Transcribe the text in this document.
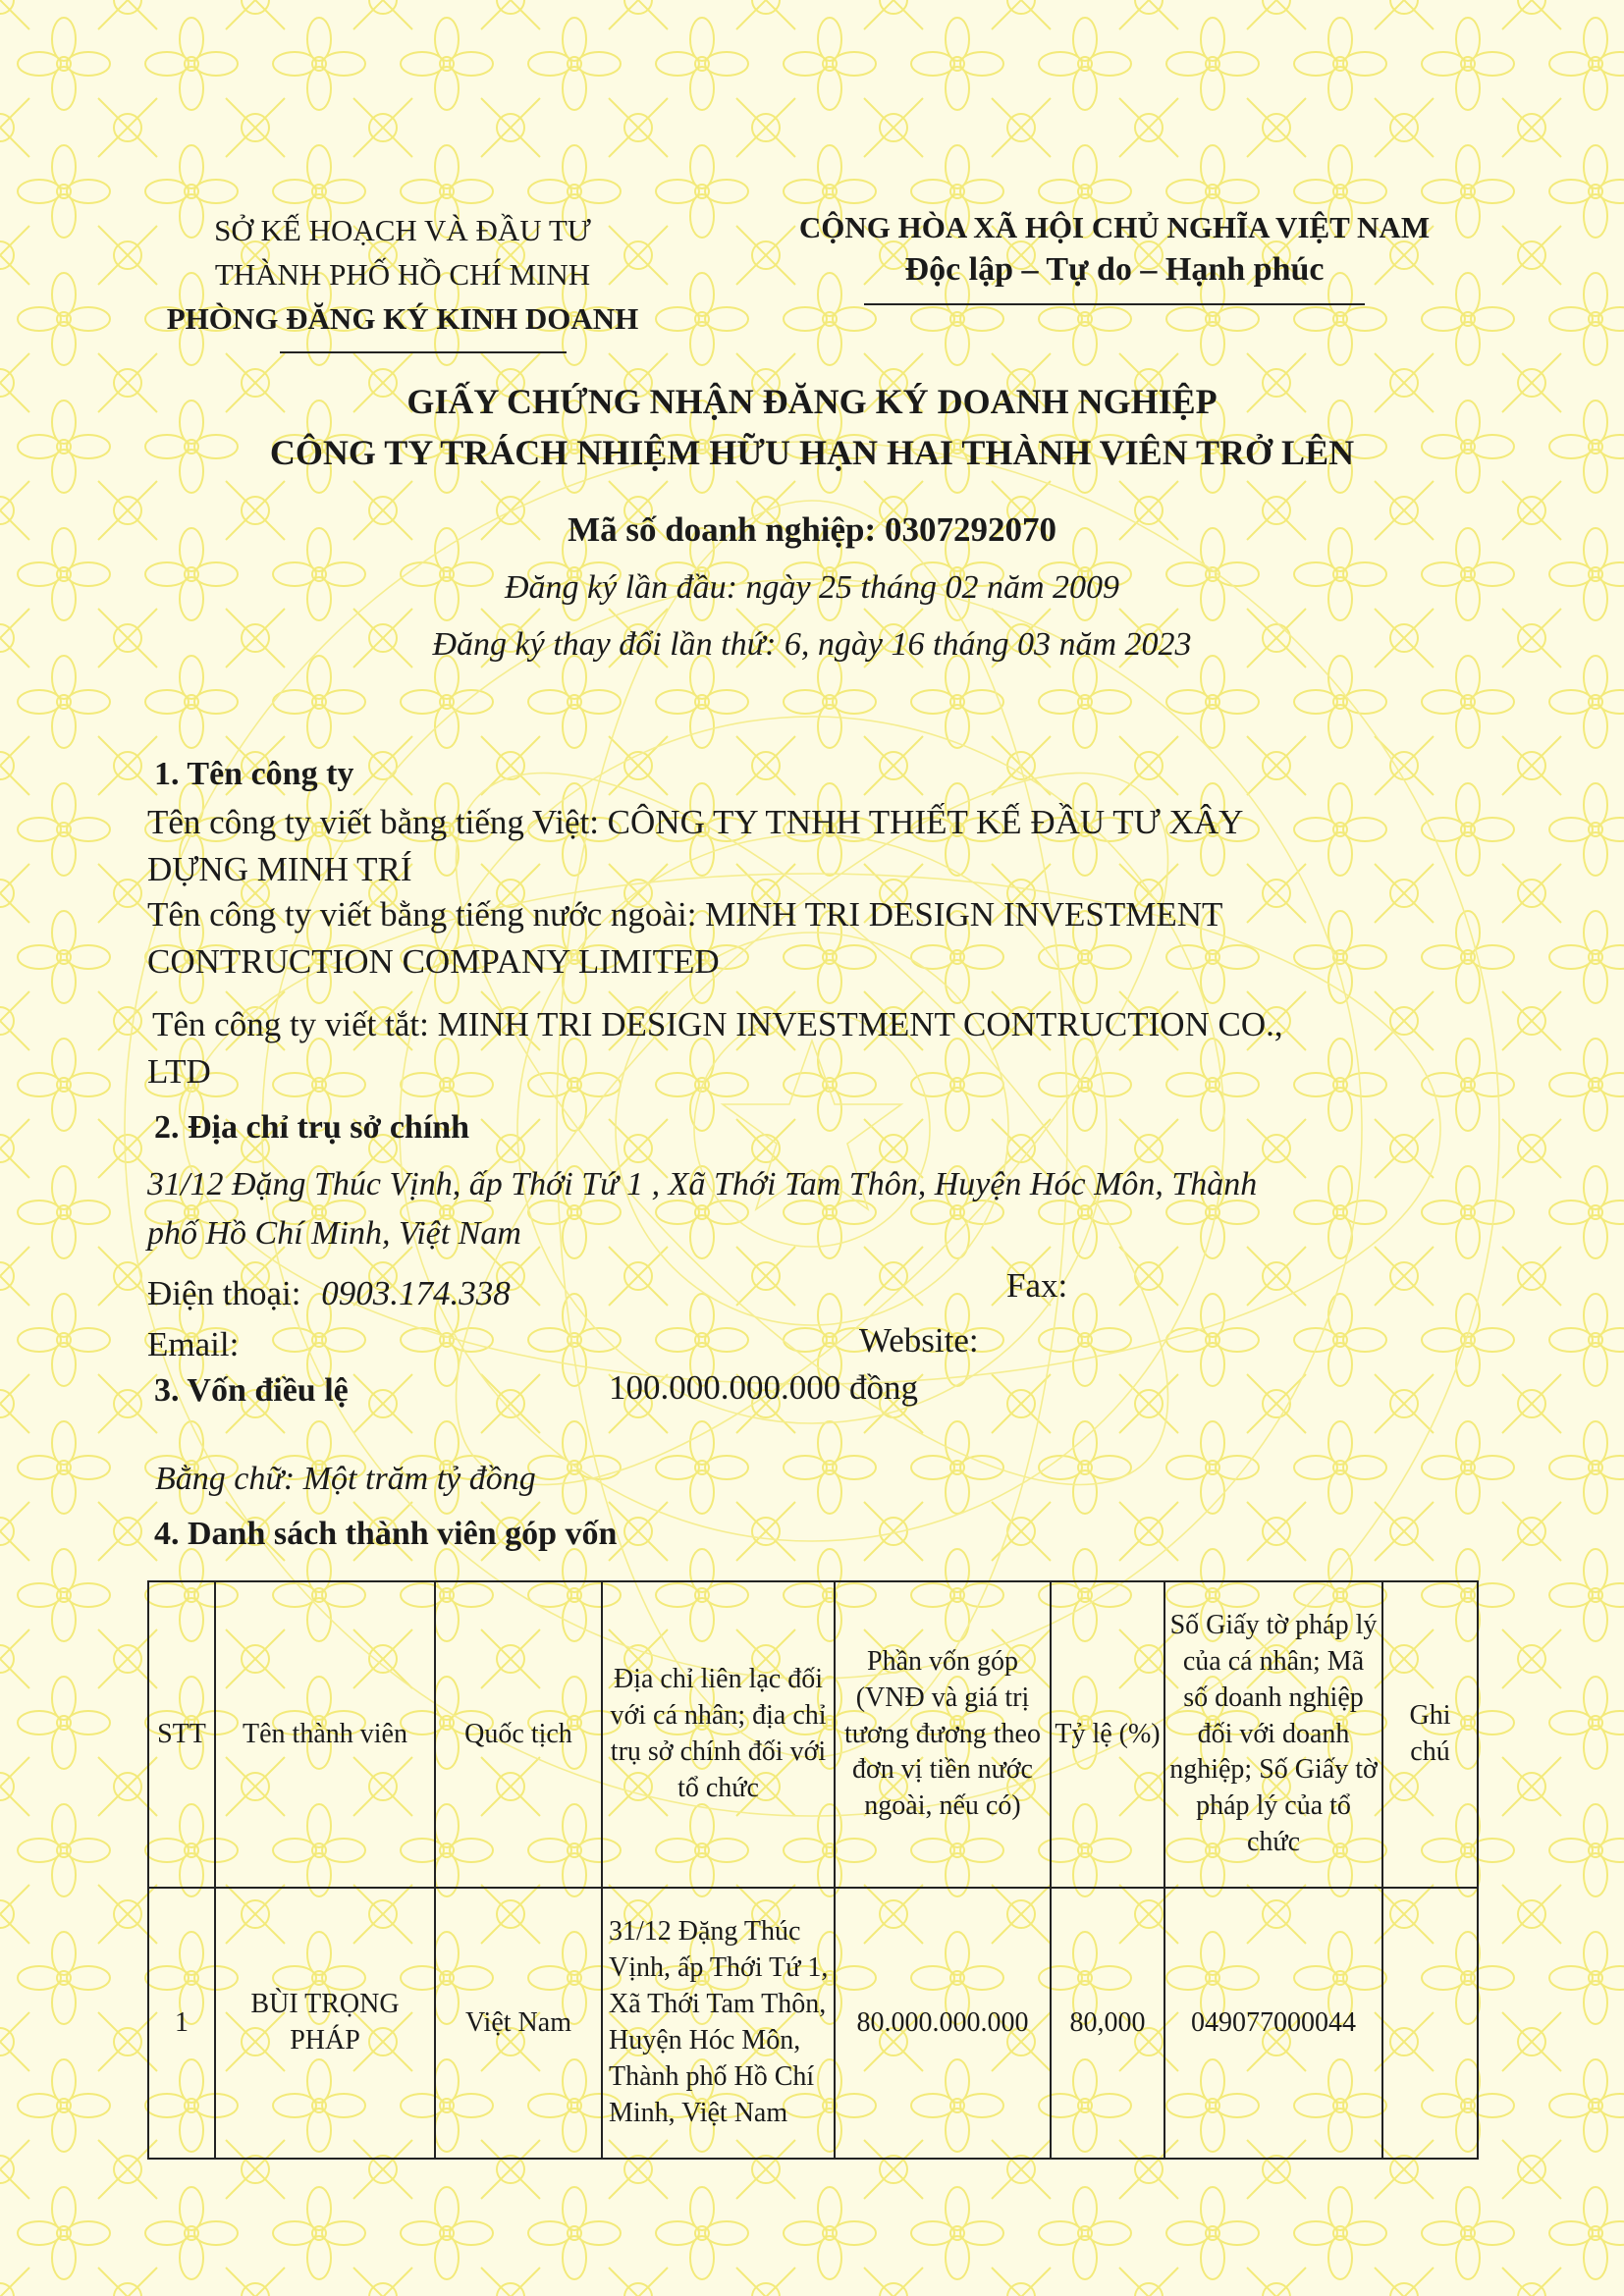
SỞ KẾ HOẠCH VÀ ĐẦU TƯ
THÀNH PHỐ HỒ CHÍ MINH
PHÒNG ĐĂNG KÝ KINH DOANH
CỘNG HÒA XÃ HỘI CHỦ NGHĨA VIỆT NAM
Độc lập – Tự do – Hạnh phúc
GIẤY CHỨNG NHẬN ĐĂNG KÝ DOANH NGHIỆP
CÔNG TY TRÁCH NHIỆM HỮU HẠN HAI THÀNH VIÊN TRỞ LÊN
Mã số doanh nghiệp: 0307292070
Đăng ký lần đầu: ngày 25 tháng 02 năm 2009
Đăng ký thay đổi lần thứ: 6, ngày 16 tháng 03 năm 2023
1. Tên công ty
Tên công ty viết bằng tiếng Việt: CÔNG TY TNHH THIẾT KẾ ĐẦU TƯ XÂY
DỰNG MINH TRÍ
Tên công ty viết bằng tiếng nước ngoài: MINH TRI DESIGN INVESTMENT
CONTRUCTION COMPANY LIMITED
Tên công ty viết tắt: MINH TRI DESIGN INVESTMENT CONTRUCTION CO.,
LTD
2. Địa chỉ trụ sở chính
31/12 Đặng Thúc Vịnh, ấp Thới Tứ 1 , Xã Thới Tam Thôn, Huyện Hóc Môn, Thành
phố Hồ Chí Minh, Việt Nam
Điện thoại: 0903.174.338	Fax:
Email:	Website:
3. Vốn điều lệ	100.000.000.000 đồng
Bằng chữ: Một trăm tỷ đồng
4. Danh sách thành viên góp vốn
STT	Tên thành viên	Quốc tịch	Địa chỉ liên lạc đối với cá nhân; địa chỉ trụ sở chính đối với tổ chức	Phần vốn góp (VNĐ và giá trị tương đương theo đơn vị tiền nước ngoài, nếu có)	Tỷ lệ (%)	Số Giấy tờ pháp lý của cá nhân; Mã số doanh nghiệp đối với doanh nghiệp; Số Giấy tờ pháp lý của tổ chức	Ghi chú
1	BÙI TRỌNG PHÁP	Việt Nam	31/12 Đặng Thúc Vịnh, ấp Thới Tứ 1, Xã Thới Tam Thôn, Huyện Hóc Môn, Thành phố Hồ Chí Minh, Việt Nam	80.000.000.000	80,000	049077000044	
